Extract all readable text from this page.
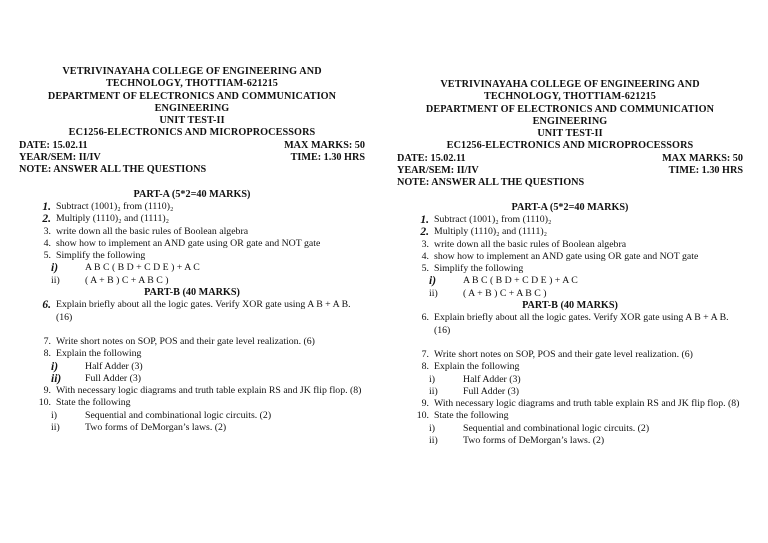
VETRIVINAYAHA COLLEGE OF ENGINEERING AND
TECHNOLOGY, THOTTIAM-621215
DEPARTMENT OF ELECTRONICS AND COMMUNICATION
ENGINEERING
UNIT TEST-II
EC1256-ELECTRONICS AND MICROPROCESSORS
DATE: 15.02.11	MAX MARKS: 50
YEAR/SEM: II/IV	TIME: 1.30 HRS
NOTE: ANSWER ALL THE QUESTIONS
PART-A (5*2=40 MARKS)
1. Subtract (1001)₂ from (1110)₂
2. Multiply (1110)₂ and (1111)₂
3. write down all the basic rules of Boolean algebra
4. show how to implement an AND gate using OR gate and NOT gate
5. Simplify the following
i)	A B C ( B D + C D E ) + A C
ii)	( A + B ) C + A B C )
PART-B (40 MARKS)
6. Explain briefly about all the logic gates. Verify XOR gate using A B + A B. (16)
7. Write short notes on SOP, POS and their gate level realization. (6)
8. Explain the following
i)	Half Adder (3)
ii)	Full Adder (3)
9. With necessary logic diagrams and truth table explain RS and JK flip flop. (8)
10. State the following
i)	Sequential and combinational logic circuits. (2)
ii)	Two forms of DeMorgan’s laws. (2)
VETRIVINAYAHA COLLEGE OF ENGINEERING AND
TECHNOLOGY, THOTTIAM-621215
DEPARTMENT OF ELECTRONICS AND COMMUNICATION
ENGINEERING
UNIT TEST-II
EC1256-ELECTRONICS AND MICROPROCESSORS
DATE: 15.02.11	MAX MARKS: 50
YEAR/SEM: II/IV	TIME: 1.30 HRS
NOTE: ANSWER ALL THE QUESTIONS
PART-A (5*2=40 MARKS)
1. Subtract (1001)₂ from (1110)₂
2. Multiply (1110)₂ and (1111)₂
3. write down all the basic rules of Boolean algebra
4. show how to implement an AND gate using OR gate and NOT gate
5. Simplify the following
i)	A B C ( B D + C D E ) + A C
ii)	( A + B ) C + A B C )
PART-B (40 MARKS)
6. Explain briefly about all the logic gates. Verify XOR gate using A B + A B. (16)
7. Write short notes on SOP, POS and their gate level realization. (6)
8. Explain the following
i)	Half Adder (3)
ii)	Full Adder (3)
9. With necessary logic diagrams and truth table explain RS and JK flip flop. (8)
10. State the following
i)	Sequential and combinational logic circuits. (2)
ii)	Two forms of DeMorgan’s laws. (2)
